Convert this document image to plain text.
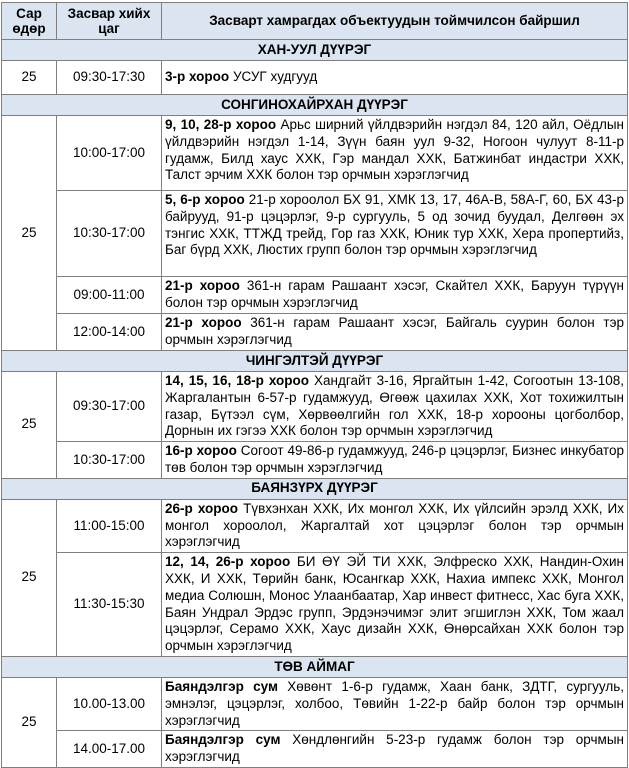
Сар өдөр	Засвар хийх цаг	Засварт хамрагдах объектуудын тоймчилсон байршил
ХАН-УУЛ ДҮҮРЭГ		
25	09:30-17:30	3-р хороо УСУГ худгууд
СОНГИНОХАЙРХАН ДҮҮРЭГ		
25	10:00-17:00	9, 10, 28-р хороо Арьс ширний үйлдвэрийн нэгдэл 84, 120 айл, Оёдлын үйлдвэрийн нэгдэл 1-14, Зүүн баян уул 9-32, Ногоон чулуут 8-11-р гудамж, Билд хаус ХХК, Гэр мандал ХХК, Батжинбат индастри ХХК, Талст эрчим ХХК болон тэр орчмын хэрэглэгчид
	10:30-17:00	5, 6-р хороо 21-р хороолол БХ 91, ХМК 13, 17, 46А-В, 58А-Г, 60, БХ 43-р байрууд, 91-р цэцэрлэг, 9-р сургууль, 5 од зочид буудал, Делгөөн эх тэнгис ХХК, ТТЖД трейд, Гор газ ХХК, Юник тур ХХК, Хера пропертийз, Баг бүрд ХХК, Люстих групп болон тэр орчмын хэрэглэгчид
	09:00-11:00	21-р хороо 361-н гарам Рашаант хэсэг, Скайтел ХХК, Баруун түрүүн болон тэр орчмын хэрэглэгчид
	12:00-14:00	21-р хороо 361-н гарам Рашаант хэсэг, Байгаль суурин болон тэр орчмын хэрэглэгчид
ЧИНГЭЛТЭЙ ДҮҮРЭГ		
25	09:30-17:00	14, 15, 16, 18-р хороо Хандгайт 3-16, Яргайтын 1-42, Согоотын 13-108, Жаргалантын 6-57-р гудамжууд, Өгөөж цахилах ХХК, Хот тохижилтын газар, Бүтээл сүм, Хөрвөөлгийн гол ХХК, 18-р хорооны цогболбор, Дорнын их гэгээ ХХК болон тэр орчмын хэрэглэгчид
	10:30-17:00	16-р хороо Согоот 49-86-р гудамжууд, 246-р цэцэрлэг, Бизнес инкубатор төв болон тэр орчмын хэрэглэгчид
БАЯНЗҮРХ ДҮҮРЭГ		
25	11:00-15:00	26-р хороо Түвхэнхан ХХК, Их монгол ХХК, Их үйлсийн эрэлд ХХК, Их монгол хороолол, Жаргалтай хот цэцэрлэг болон тэр орчмын хэрэглэгчид
	11:30-15:30	12, 14, 26-р хороо БИ ӨҮ ЭЙ ТИ ХХК, Элфреско ХХК, Нандин-Охин ХХК, И ХХК, Төрийн банк, Юсангкар ХХК, Нахиа импекс ХХК, Монгол медиа Солюшн, Монос Улаанбаатар, Хар инвест фитнесс, Хас буга ХХК, Баян Ундрал Эрдэс групп, Эрдэнэчимэг элит эгшиглэн ХХК, Том жаал цэцэрлэг, Серамо ХХК, Хаус дизайн ХХК, Өнөрсайхан ХХК болон тэр орчмын хэрэглэгчид
ТӨВ АЙМАГ		
25	10.00-13.00	Баяндэлгэр сум Хөвөнт 1-6-р гудамж, Хаан банк, ЗДТГ, сургууль, эмнэлэг, цэцэрлэг, холбоо, Төвийн 1-22-р байр болон тэр орчмын хэрэглэгчид
	14.00-17.00	Баяндэлгэр сум Хөндлөнгийн 5-23-р гудамж болон тэр орчмын хэрэглэгчид
